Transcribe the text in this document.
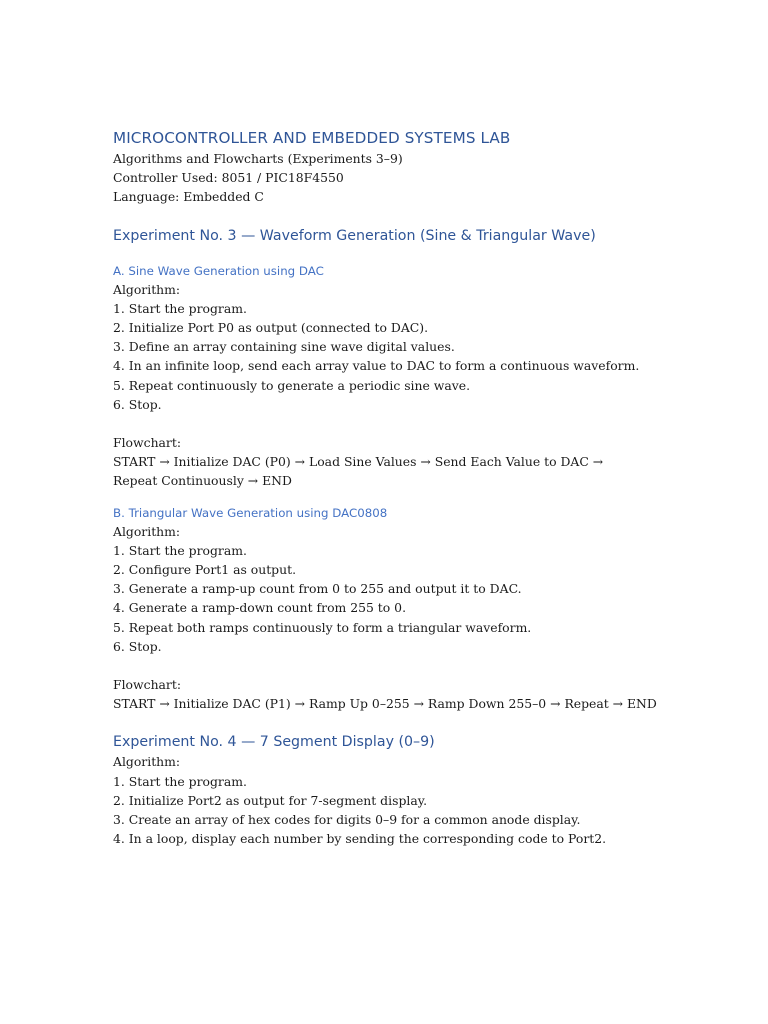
MICROCONTROLLER AND EMBEDDED SYSTEMS LAB

Algorithms and Flowcharts (Experiments 3–9)

Controller Used: 8051 / PIC18F4550

Language: Embedded C

Experiment No. 3 — Waveform Generation (Sine & Triangular Wave)
A. Sine Wave Generation using DAC

Algorithm:

1. Start the program.
2. Initialize Port P0 as output (connected to DAC).
3. Define an array containing sine wave digital values.
4. In an infinite loop, send each array value to DAC to form a continuous waveform.
5. Repeat continuously to generate a periodic sine wave.
6. Stop.

Flowchart:

START → Initialize DAC (P0) → Load Sine Values → Send Each Value to DAC → Repeat Continuously → END

B. Triangular Wave Generation using DAC0808

Algorithm:

1. Start the program.
2. Configure Port1 as output.
3. Generate a ramp-up count from 0 to 255 and output it to DAC.
4. Generate a ramp-down count from 255 to 0.
5. Repeat both ramps continuously to form a triangular waveform.
6. Stop.

Flowchart:

START → Initialize DAC (P1) → Ramp Up 0–255 → Ramp Down 255–0 → Repeat → END

Experiment No. 4 — 7 Segment Display (0–9)

Algorithm:

1. Start the program.
2. Initialize Port2 as output for 7-segment display.
3. Create an array of hex codes for digits 0–9 for a common anode display.
4. In a loop, display each number by sending the corresponding code to Port2.
